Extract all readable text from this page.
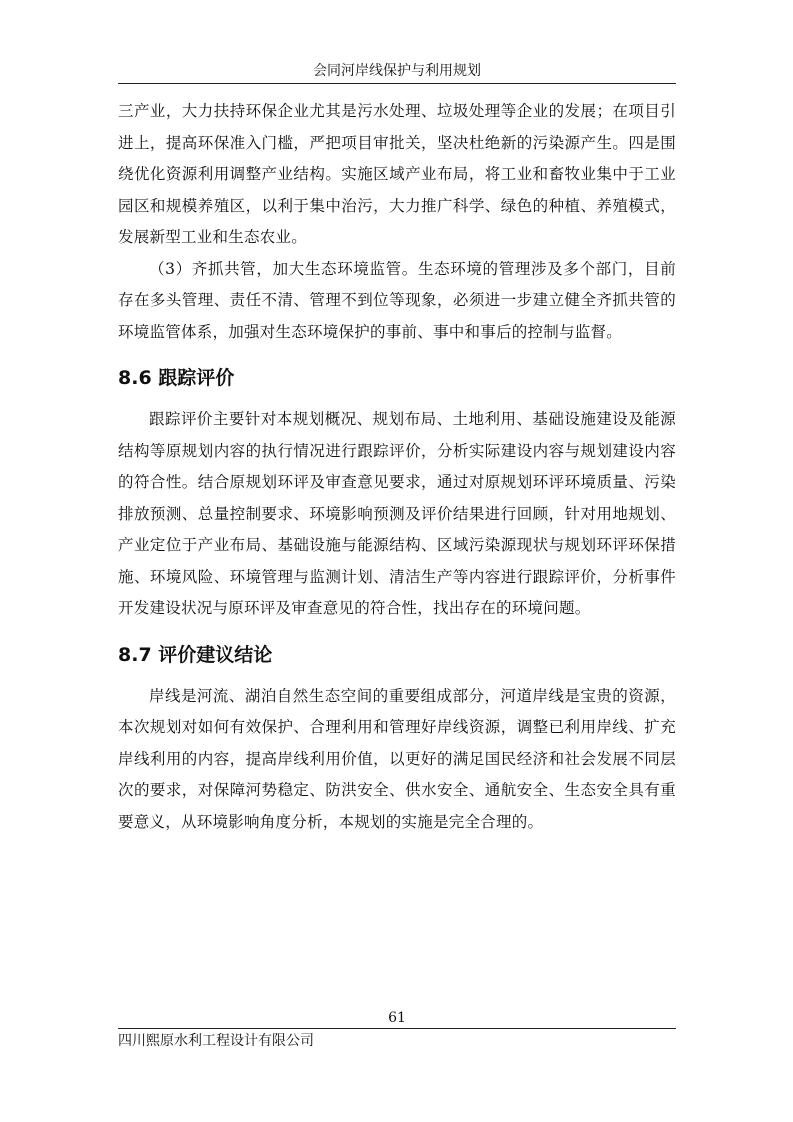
会同河岸线保护与利用规划

三产业，大力扶持环保企业尤其是污水处理、垃圾处理等企业的发展；在项目引进上，提高环保准入门槛，严把项目审批关，坚决杜绝新的污染源产生。四是围绕优化资源利用调整产业结构。实施区域产业布局，将工业和畜牧业集中于工业园区和规模养殖区，以利于集中治污，大力推广科学、绿色的种植、养殖模式，发展新型工业和生态农业。

（3）齐抓共管，加大生态环境监管。生态环境的管理涉及多个部门，目前存在多头管理、责任不清、管理不到位等现象，必须进一步建立健全齐抓共管的环境监管体系，加强对生态环境保护的事前、事中和事后的控制与监督。

8.6 跟踪评价

跟踪评价主要针对本规划概况、规划布局、土地利用、基础设施建设及能源结构等原规划内容的执行情况进行跟踪评价，分析实际建设内容与规划建设内容的符合性。结合原规划环评及审查意见要求，通过对原规划环评环境质量、污染排放预测、总量控制要求、环境影响预测及评价结果进行回顾，针对用地规划、产业定位于产业布局、基础设施与能源结构、区域污染源现状与规划环评环保措施、环境风险、环境管理与监测计划、清洁生产等内容进行跟踪评价，分析事件开发建设状况与原环评及审查意见的符合性，找出存在的环境问题。

8.7 评价建议结论

岸线是河流、湖泊自然生态空间的重要组成部分，河道岸线是宝贵的资源，本次规划对如何有效保护、合理利用和管理好岸线资源，调整已利用岸线、扩充岸线利用的内容，提高岸线利用价值，以更好的满足国民经济和社会发展不同层次的要求，对保障河势稳定、防洪安全、供水安全、通航安全、生态安全具有重要意义，从环境影响角度分析，本规划的实施是完全合理的。

61
四川熙原水利工程设计有限公司
